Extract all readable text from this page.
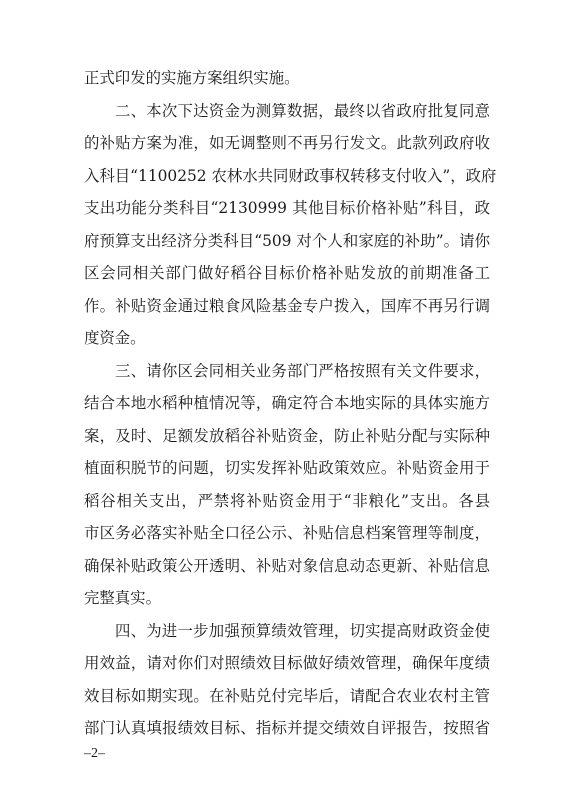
正式印发的实施方案组织实施。
二、本次下达资金为测算数据，最终以省政府批复同意
的补贴方案为准，如无调整则不再另行发文。此款列政府收
入科目“1100252 农林水共同财政事权转移支付收入”，政府
支出功能分类科目“2130999 其他目标价格补贴”科目，政
府预算支出经济分类科目“509 对个人和家庭的补助”。请你
区会同相关部门做好稻谷目标价格补贴发放的前期准备工
作。补贴资金通过粮食风险基金专户拨入，国库不再另行调
度资金。
三、请你区会同相关业务部门严格按照有关文件要求，
结合本地水稻种植情况等，确定符合本地实际的具体实施方
案，及时、足额发放稻谷补贴资金，防止补贴分配与实际种
植面积脱节的问题，切实发挥补贴政策效应。补贴资金用于
稻谷相关支出，严禁将补贴资金用于“非粮化”支出。各县
市区务必落实补贴全口径公示、补贴信息档案管理等制度，
确保补贴政策公开透明、补贴对象信息动态更新、补贴信息
完整真实。
四、为进一步加强预算绩效管理，切实提高财政资金使
用效益，请对你们对照绩效目标做好绩效管理，确保年度绩
效目标如期实现。在补贴兑付完毕后，请配合农业农村主管
部门认真填报绩效目标、指标并提交绩效自评报告，按照省
–2–
